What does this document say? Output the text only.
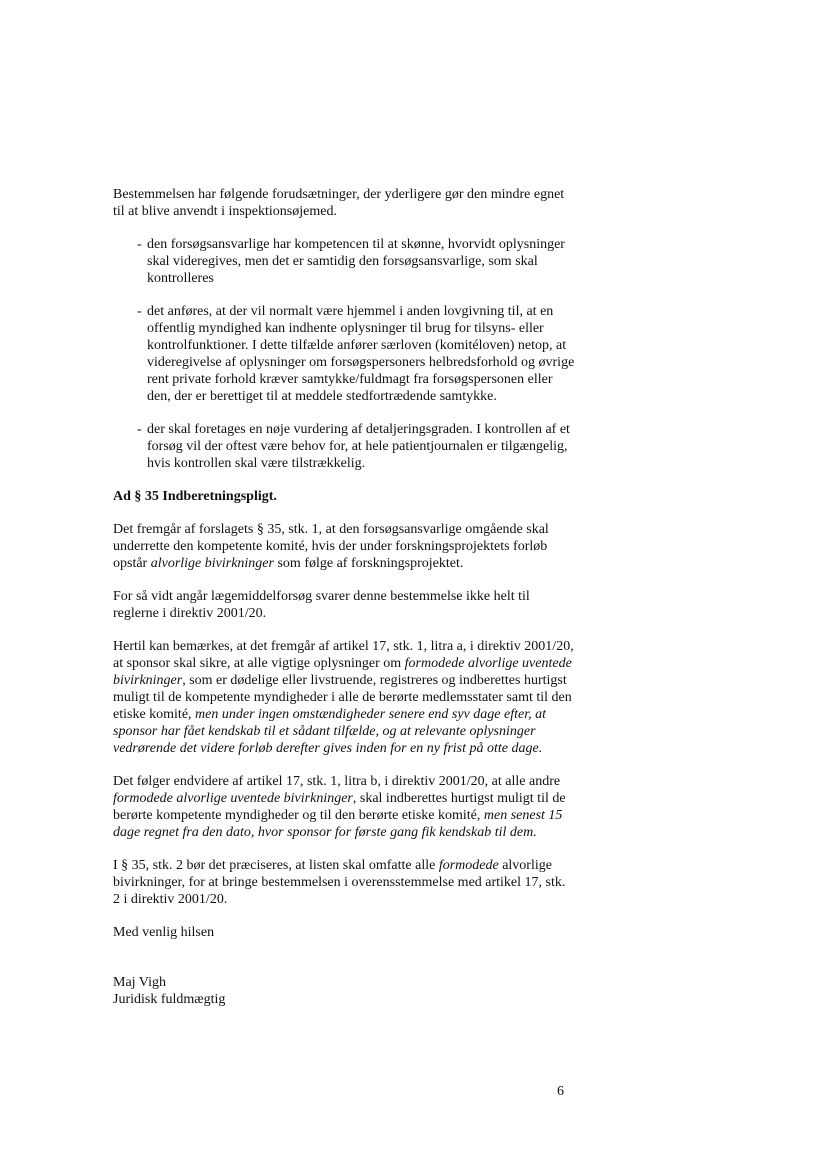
Bestemmelsen har følgende forudsætninger, der yderligere gør den mindre egnet til at blive anvendt i inspektionsøjemed.

- den forsøgsansvarlige har kompetencen til at skønne, hvorvidt oplysninger skal videregives, men det er samtidig den forsøgsansvarlige, som skal kontrolleres
- det anføres, at der vil normalt være hjemmel i anden lovgivning til, at en offentlig myndighed kan indhente oplysninger til brug for tilsyns- eller kontrolfunktioner. I dette tilfælde anfører særloven (komitéloven) netop, at videregivelse af oplysninger om forsøgspersoners helbredsforhold og øvrige rent private forhold kræver samtykke/fuldmagt fra forsøgspersonen eller den, der er berettiget til at meddele stedfortrædende samtykke.
- der skal foretages en nøje vurdering af detaljeringsgraden. I kontrollen af et forsøg vil der oftest være behov for, at hele patientjournalen er tilgængelig, hvis kontrollen skal være tilstrækkelig.
Ad § 35 Indberetningspligt.

Det fremgår af forslagets § 35, stk. 1, at den forsøgsansvarlige omgående skal underrette den kompetente komité, hvis der under forskningsprojektets forløb opstår alvorlige bivirkninger som følge af forskningsprojektet.

For så vidt angår lægemiddelforsøg svarer denne bestemmelse ikke helt til reglerne i direktiv 2001/20.

Hertil kan bemærkes, at det fremgår af artikel 17, stk. 1, litra a, i direktiv 2001/20, at sponsor skal sikre, at alle vigtige oplysninger om formodede alvorlige uventede bivirkninger, som er dødelige eller livstruende, registreres og indberettes hurtigst muligt til de kompetente myndigheder i alle de berørte medlemsstater samt til den etiske komité, men under ingen omstændigheder senere end syv dage efter, at sponsor har fået kendskab til et sådant tilfælde, og at relevante oplysninger vedrørende det videre forløb derefter gives inden for en ny frist på otte dage.

Det følger endvidere af artikel 17, stk. 1, litra b, i direktiv 2001/20, at alle andre formodede alvorlige uventede bivirkninger, skal indberettes hurtigst muligt til de berørte kompetente myndigheder og til den berørte etiske komité, men senest 15 dage regnet fra den dato, hvor sponsor for første gang fik kendskab til dem.

I § 35, stk. 2 bør det præciseres, at listen skal omfatte alle formodede alvorlige bivirkninger, for at bringe bestemmelsen i overensstemmelse med artikel 17, stk. 2 i direktiv 2001/20.

Med venlig hilsen

Maj Vigh
Juridisk fuldmægtig

6
